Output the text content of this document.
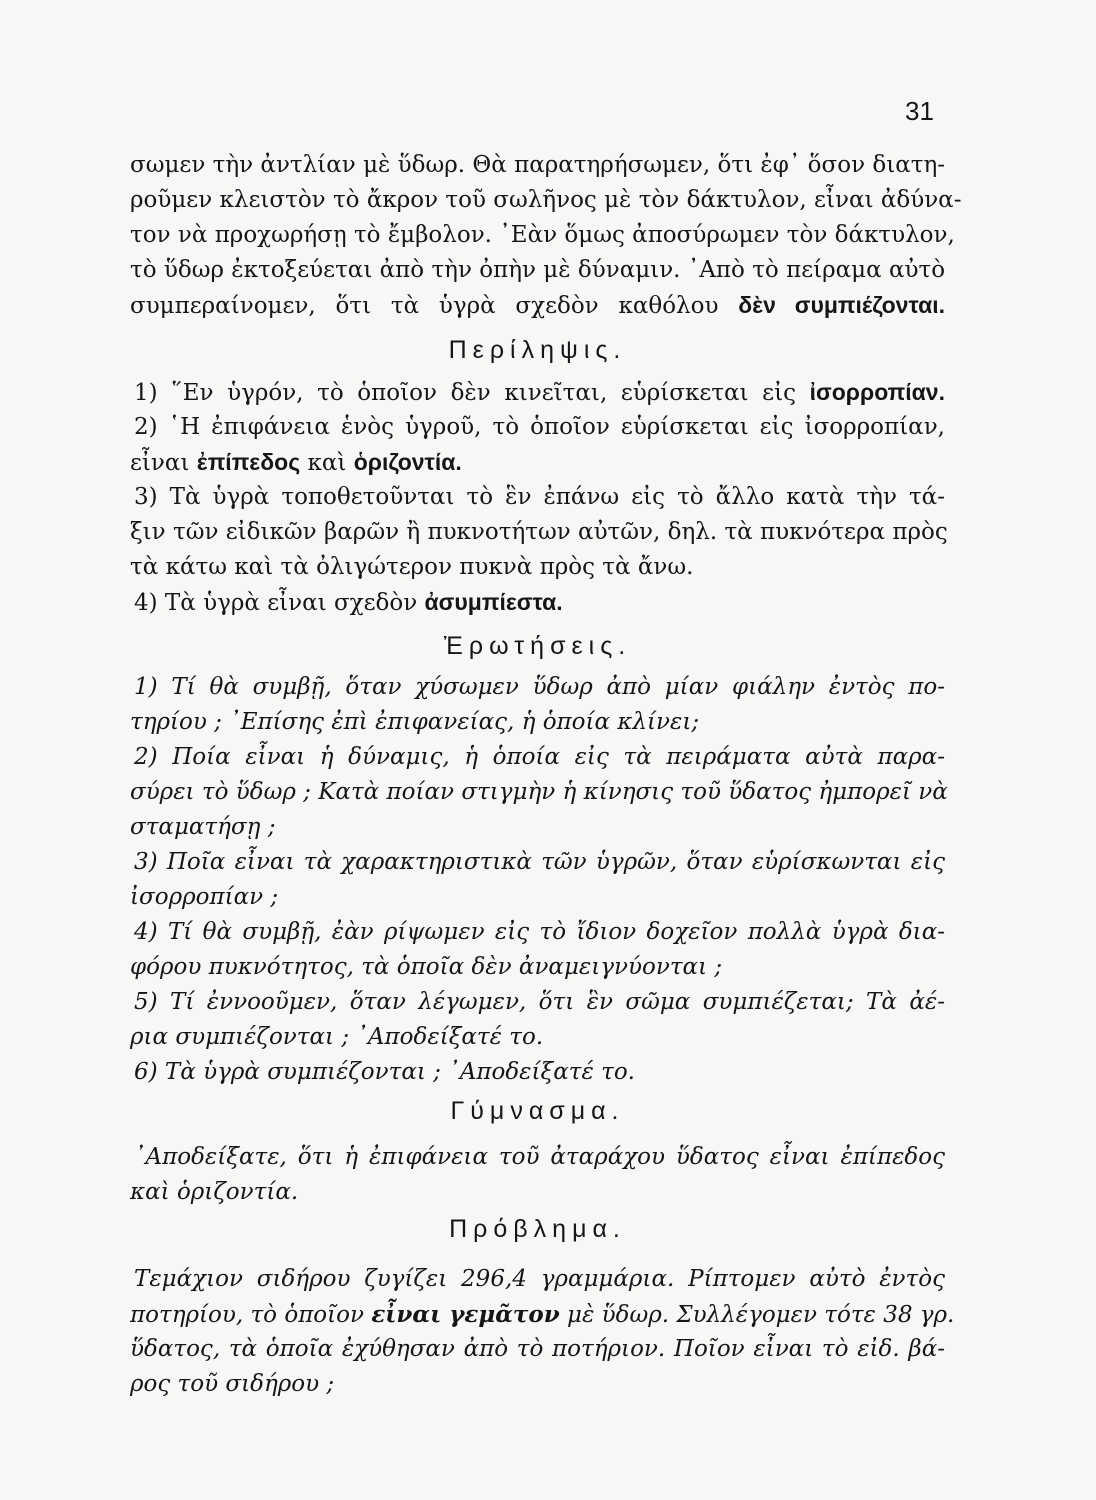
31
σωμεν τὴν ἀντλίαν μὲ ὕδωρ. Θὰ παρατηρήσωμεν, ὅτι ἐφ᾿ ὅσον διατη-
ροῦμεν κλειστὸν τὸ ἄκρον τοῦ σωλῆνος μὲ τὸν δάκτυλον, εἶναι ἀδύνα-
τον νὰ προχωρήσῃ τὸ ἔμβολον. ᾿Εὰν ὅμως ἀποσύρωμεν τὸν δάκτυλον,
τὸ ὕδωρ ἐκτοξεύεται ἀπὸ τὴν ὀπὴν μὲ δύναμιν. ᾿Απὸ τὸ πείραμα αὐτὸ
συμπεραίνομεν, ὅτι τὰ ὑγρὰ σχεδὸν καθόλου δὲν συμπιέζονται.
Περίληψις.
1) ῞Εν ὑγρόν, τὸ ὁποῖον δὲν κινεῖται, εὑρίσκεται εἰς ἰσορροπίαν.
2) ῾Η ἐπιφάνεια ἑνὸς ὑγροῦ, τὸ ὁποῖον εὑρίσκεται εἰς ἰσορροπίαν,
εἶναι ἐπίπεδος καὶ ὁριζοντία.
3) Τὰ ὑγρὰ τοποθετοῦνται τὸ ἓν ἐπάνω εἰς τὸ ἄλλο κατὰ τὴν τά-
ξιν τῶν εἰδικῶν βαρῶν ἢ πυκνοτήτων αὐτῶν, δηλ. τὰ πυκνότερα πρὸς
τὰ κάτω καὶ τὰ ὀλιγώτερον πυκνὰ πρὸς τὰ ἄνω.
4) Τὰ ὑγρὰ εἶναι σχεδὸν ἀσυμπίεστα.
Ἐρωτήσεις.
1) Τί θὰ συμβῇ, ὅταν χύσωμεν ὕδωρ ἀπὸ μίαν φιάλην ἐντὸς πο-
τηρίου ; ᾿Επίσης ἐπὶ ἐπιφανείας, ἡ ὁποία κλίνει;
2) Ποία εἶναι ἡ δύναμις, ἡ ὁποία εἰς τὰ πειράματα αὐτὰ παρα-
σύρει τὸ ὕδωρ ; Κατὰ ποίαν στιγμὴν ἡ κίνησις τοῦ ὕδατος ἠμπορεῖ νὰ
σταματήσῃ ;
3) Ποῖα εἶναι τὰ χαρακτηριστικὰ τῶν ὑγρῶν, ὅταν εὑρίσκωνται εἰς
ἰσορροπίαν ;
4) Τί θὰ συμβῇ, ἐὰν ρίψωμεν εἰς τὸ ἴδιον δοχεῖον πολλὰ ὑγρὰ δια-
φόρου πυκνότητος, τὰ ὁποῖα δὲν ἀναμειγνύονται ;
5) Τί ἐννοοῦμεν, ὅταν λέγωμεν, ὅτι ἓν σῶμα συμπιέζεται; Τὰ ἀέ-
ρια συμπιέζονται ; ᾿Αποδείξατέ το.
6) Τὰ ὑγρὰ συμπιέζονται ; ᾿Αποδείξατέ το.
Γύμνασμα.
᾿Αποδείξατε, ὅτι ἡ ἐπιφάνεια τοῦ ἀταράχου ὕδατος εἶναι ἐπίπεδος
καὶ ὁριζοντία.
Πρόβλημα.
Τεμάχιον σιδήρου ζυγίζει 296,4 γραμμάρια. Ρίπτομεν αὐτὸ ἐντὸς
ποτηρίου, τὸ ὁποῖον εἶναι γεμᾶτον μὲ ὕδωρ. Συλλέγομεν τότε 38 γρ.
ὕδατος, τὰ ὁποῖα ἐχύθησαν ἀπὸ τὸ ποτήριον. Ποῖον εἶναι τὸ εἰδ. βά-
ρος τοῦ σιδήρου ;
